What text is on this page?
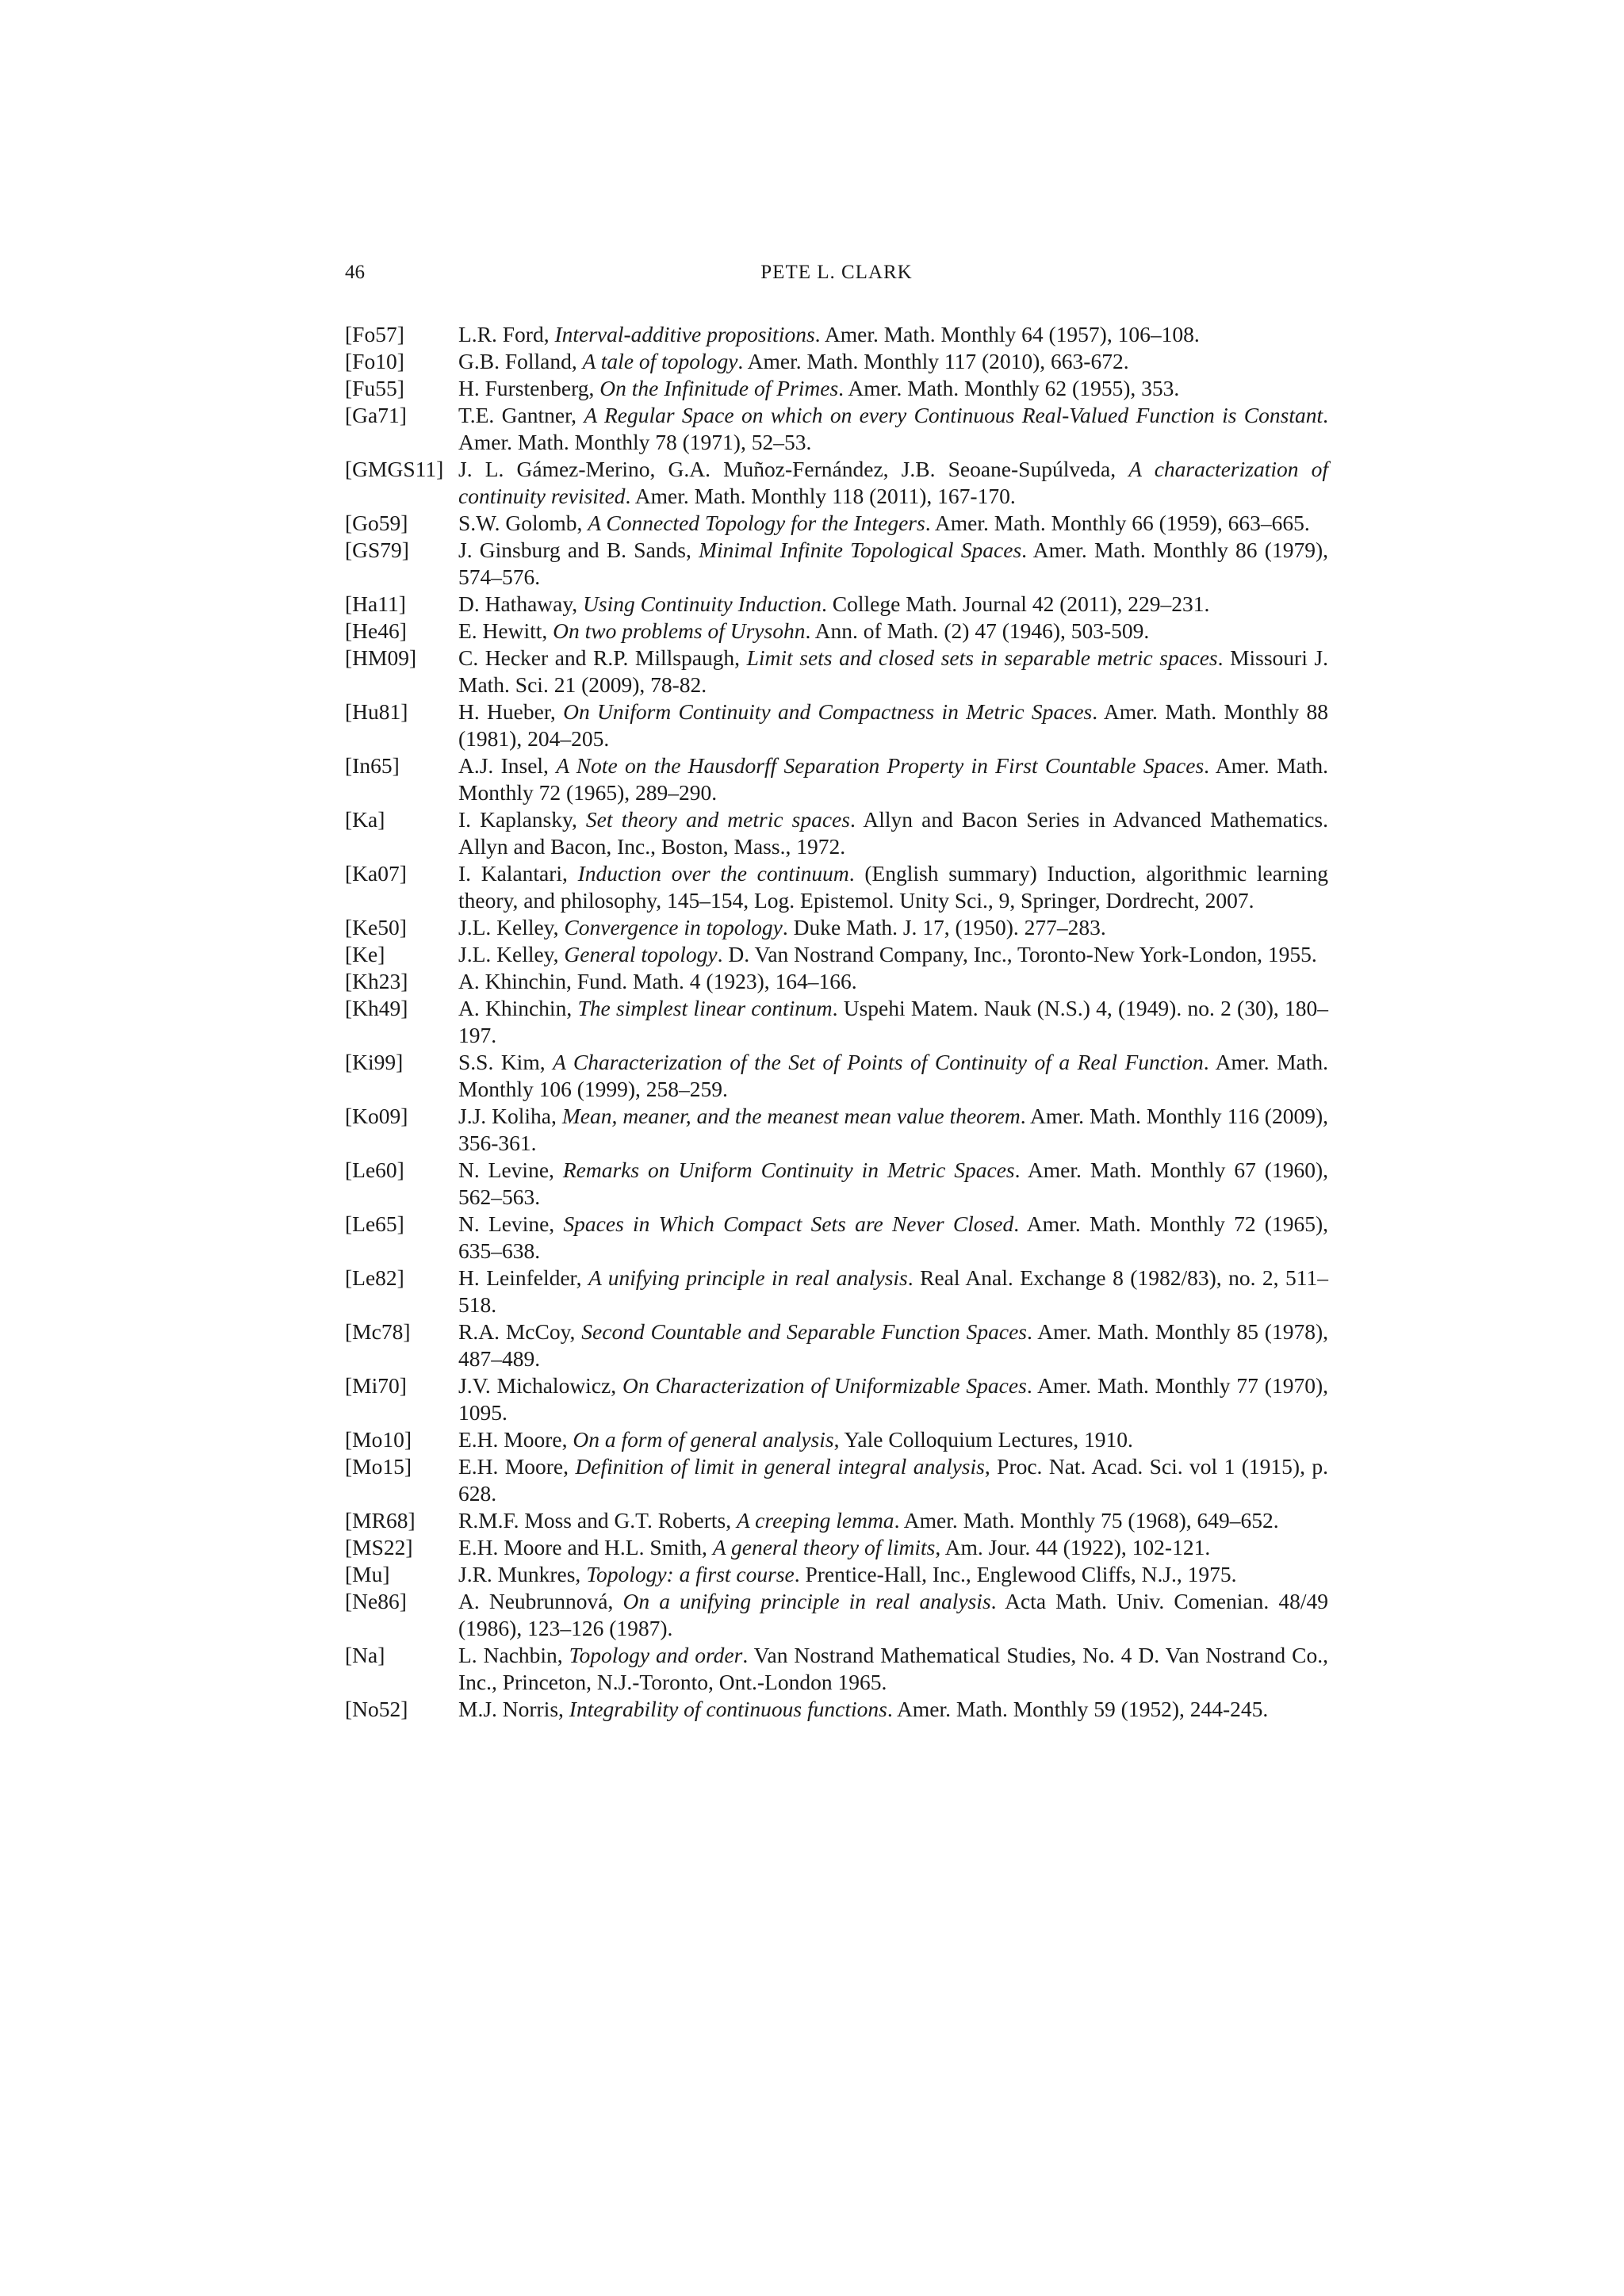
46	PETE L. CLARK
[Fo57] L.R. Ford, Interval-additive propositions. Amer. Math. Monthly 64 (1957), 106–108.
[Fo10] G.B. Folland, A tale of topology. Amer. Math. Monthly 117 (2010), 663-672.
[Fu55] H. Furstenberg, On the Infinitude of Primes. Amer. Math. Monthly 62 (1955), 353.
[Ga71] T.E. Gantner, A Regular Space on which on every Continuous Real-Valued Function is Constant. Amer. Math. Monthly 78 (1971), 52–53.
[GMGS11] J. L. Gámez-Merino, G.A. Muñoz-Fernández, J.B. Seoane-Supúlveda, A characterization of continuity revisited. Amer. Math. Monthly 118 (2011), 167-170.
[Go59] S.W. Golomb, A Connected Topology for the Integers. Amer. Math. Monthly 66 (1959), 663–665.
[GS79] J. Ginsburg and B. Sands, Minimal Infinite Topological Spaces. Amer. Math. Monthly 86 (1979), 574–576.
[Ha11] D. Hathaway, Using Continuity Induction. College Math. Journal 42 (2011), 229–231.
[He46] E. Hewitt, On two problems of Urysohn. Ann. of Math. (2) 47 (1946), 503-509.
[HM09] C. Hecker and R.P. Millspaugh, Limit sets and closed sets in separable metric spaces. Missouri J. Math. Sci. 21 (2009), 78-82.
[Hu81] H. Hueber, On Uniform Continuity and Compactness in Metric Spaces. Amer. Math. Monthly 88 (1981), 204–205.
[In65]	A.J. Insel, A Note on the Hausdorff Separation Property in First Countable Spaces. Amer. Math. Monthly 72 (1965), 289–290.
[Ka]	I. Kaplansky, Set theory and metric spaces. Allyn and Bacon Series in Advanced Mathematics. Allyn and Bacon, Inc., Boston, Mass., 1972.
[Ka07] I. Kalantari, Induction over the continuum. (English summary) Induction, algorithmic learning theory, and philosophy, 145–154, Log. Epistemol. Unity Sci., 9, Springer, Dordrecht, 2007.
[Ke50] J.L. Kelley, Convergence in topology. Duke Math. J. 17, (1950). 277–283.
[Ke]	J.L. Kelley, General topology. D. Van Nostrand Company, Inc., Toronto-New York-London, 1955.
[Kh23] A. Khinchin, Fund. Math. 4 (1923), 164–166.
[Kh49] A. Khinchin, The simplest linear continum. Uspehi Matem. Nauk (N.S.) 4, (1949). no. 2 (30), 180–197.
[Ki99]	S.S. Kim, A Characterization of the Set of Points of Continuity of a Real Function. Amer. Math. Monthly 106 (1999), 258–259.
[Ko09] J.J. Koliha, Mean, meaner, and the meanest mean value theorem. Amer. Math. Monthly 116 (2009), 356-361.
[Le60] N. Levine, Remarks on Uniform Continuity in Metric Spaces. Amer. Math. Monthly 67 (1960), 562–563.
[Le65] N. Levine, Spaces in Which Compact Sets are Never Closed. Amer. Math. Monthly 72 (1965), 635–638.
[Le82] H. Leinfelder, A unifying principle in real analysis. Real Anal. Exchange 8 (1982/83), no. 2, 511–518.
[Mc78] R.A. McCoy, Second Countable and Separable Function Spaces. Amer. Math. Monthly 85 (1978), 487–489.
[Mi70] J.V. Michalowicz, On Characterization of Uniformizable Spaces. Amer. Math. Monthly 77 (1970), 1095.
[Mo10] E.H. Moore, On a form of general analysis, Yale Colloquium Lectures, 1910.
[Mo15] E.H. Moore, Definition of limit in general integral analysis, Proc. Nat. Acad. Sci. vol 1 (1915), p. 628.
[MR68] R.M.F. Moss and G.T. Roberts, A creeping lemma. Amer. Math. Monthly 75 (1968), 649–652.
[MS22] E.H. Moore and H.L. Smith, A general theory of limits, Am. Jour. 44 (1922), 102-121.
[Mu]	J.R. Munkres, Topology: a first course. Prentice-Hall, Inc., Englewood Cliffs, N.J., 1975.
[Ne86] A. Neubrunnová, On a unifying principle in real analysis. Acta Math. Univ. Comenian. 48/49 (1986), 123–126 (1987).
[Na]	L. Nachbin, Topology and order. Van Nostrand Mathematical Studies, No. 4 D. Van Nostrand Co., Inc., Princeton, N.J.-Toronto, Ont.-London 1965.
[No52] M.J. Norris, Integrability of continuous functions. Amer. Math. Monthly 59 (1952), 244-245.
